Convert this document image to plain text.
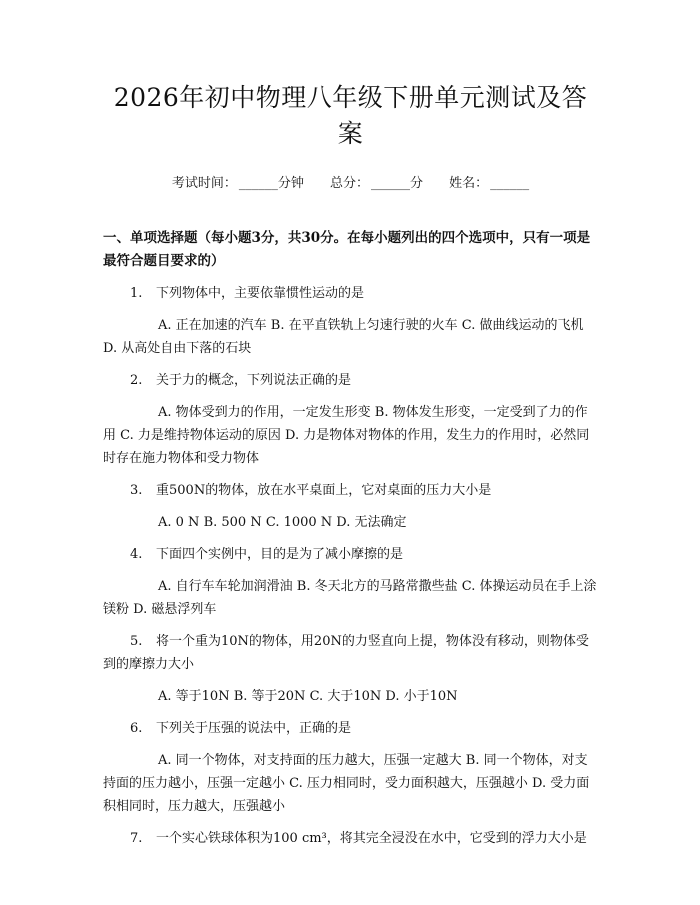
2026年初中物理八年级下册单元测试及答案
考试时间： ______分钟 总分： ______分 姓名： ______
一、单项选择题（每小题3分，共30分。在每小题列出的四个选项中，只有一项是最符合题目要求的）
1. 下列物体中，主要依靠惯性运动的是
A. 正在加速的汽车 B. 在平直铁轨上匀速行驶的火车 C. 做曲线运动的飞机 D. 从高处自由下落的石块
2. 关于力的概念，下列说法正确的是
A. 物体受到力的作用，一定发生形变 B. 物体发生形变，一定受到了力的作用 C. 力是维持物体运动的原因 D. 力是物体对物体的作用，发生力的作用时，必然同时存在施力物体和受力物体
3. 重500N的物体，放在水平桌面上，它对桌面的压力大小是
A. 0 N B. 500 N C. 1000 N D. 无法确定
4. 下面四个实例中，目的是为了减小摩擦的是
A. 自行车车轮加润滑油 B. 冬天北方的马路常撒些盐 C. 体操运动员在手上涂镁粉 D. 磁悬浮列车
5. 将一个重为10N的物体，用20N的力竖直向上提，物体没有移动，则物体受到的摩擦力大小
A. 等于10N B. 等于20N C. 大于10N D. 小于10N
6. 下列关于压强的说法中，正确的是
A. 同一个物体，对支持面的压力越大，压强一定越大 B. 同一个物体，对支持面的压力越小，压强一定越小 C. 压力相同时，受力面积越大，压强越小 D. 受力面积相同时，压力越大，压强越小
7. 一个实心铁球体积为100 cm³，将其完全浸没在水中，它受到的浮力大小是
